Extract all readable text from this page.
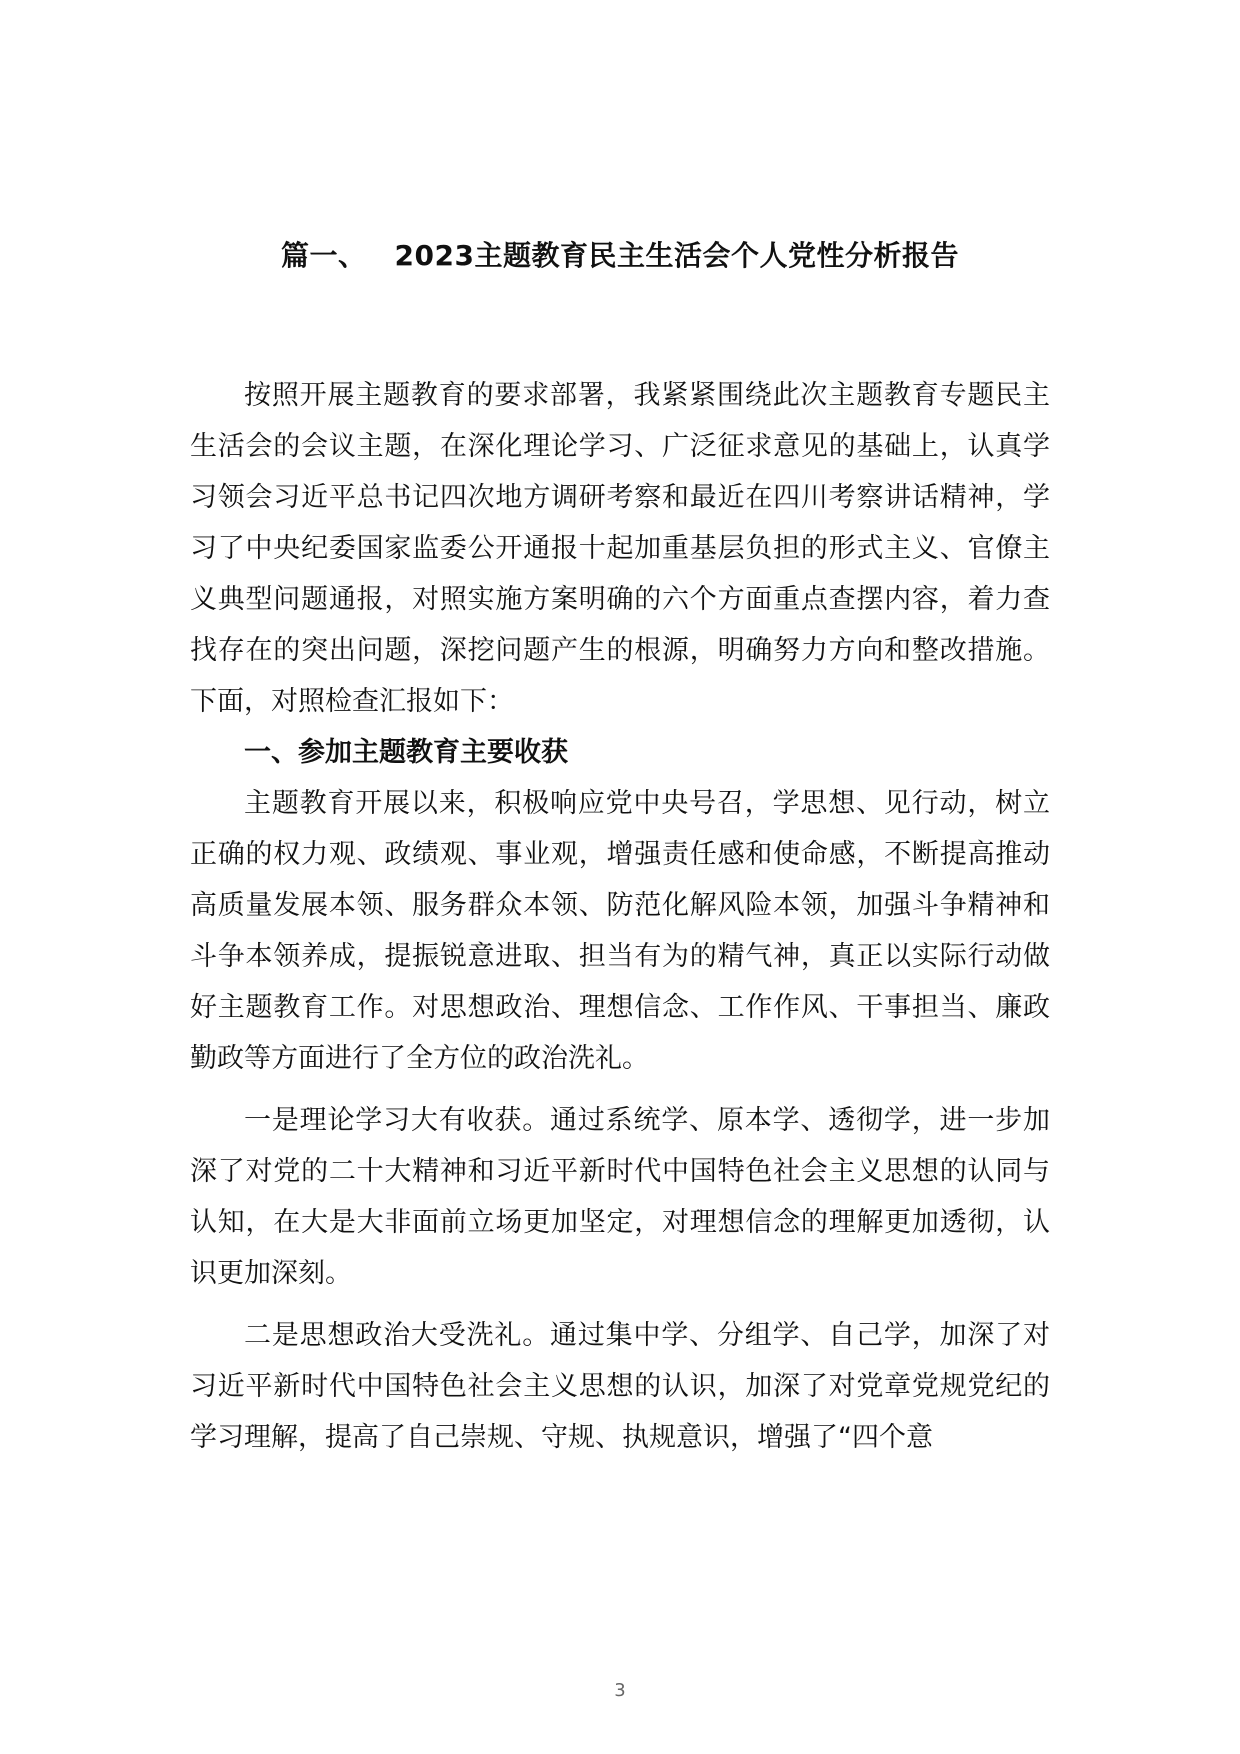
篇一、 2023主题教育民主生活会个人党性分析报告

按照开展主题教育的要求部署，我紧紧围绕此次主题教育专题民主生活会的会议主题，在深化理论学习、广泛征求意见的基础上，认真学习领会习近平总书记四次地方调研考察和最近在四川考察讲话精神，学习了中央纪委国家监委公开通报十起加重基层负担的形式主义、官僚主义典型问题通报，对照实施方案明确的六个方面重点查摆内容，着力查找存在的突出问题，深挖问题产生的根源，明确努力方向和整改措施。下面，对照检查汇报如下：

一、参加主题教育主要收获

主题教育开展以来，积极响应党中央号召，学思想、见行动，树立正确的权力观、政绩观、事业观，增强责任感和使命感，不断提高推动高质量发展本领、服务群众本领、防范化解风险本领，加强斗争精神和斗争本领养成，提振锐意进取、担当有为的精气神，真正以实际行动做好主题教育工作。对思想政治、理想信念、工作作风、干事担当、廉政勤政等方面进行了全方位的政治洗礼。

一是理论学习大有收获。通过系统学、原本学、透彻学，进一步加深了对党的二十大精神和习近平新时代中国特色社会主义思想的认同与认知，在大是大非面前立场更加坚定，对理想信念的理解更加透彻，认识更加深刻。

二是思想政治大受洗礼。通过集中学、分组学、自己学，加深了对习近平新时代中国特色社会主义思想的认识，加深了对党章党规党纪的学习理解，提高了自己崇规、守规、执规意识，增强了“四个意

3
